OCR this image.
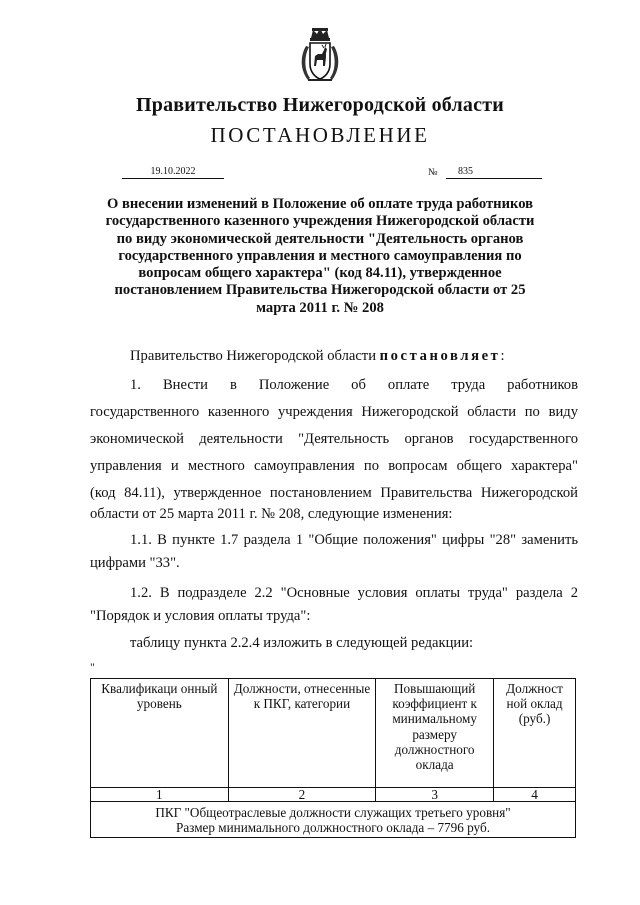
Правительство Нижегородской области
ПОСТАНОВЛЕНИЕ
19.10.2022	№	835
О внесении изменений в Положение об оплате труда работников государственного казенного учреждения Нижегородской области по виду экономической деятельности "Деятельность органов государственного управления и местного самоуправления по вопросам общего характера" (код 84.11), утвержденное постановлением Правительства Нижегородской области от 25 марта 2011 г. № 208
Правительство Нижегородской области постановляет:
1. Внести в Положение об оплате труда работников
государственного казенного учреждения Нижегородской области по виду
экономической деятельности "Деятельность органов государственного
управления и местного самоуправления по вопросам общего характера"
(код 84.11), утвержденное постановлением Правительства Нижегородской
области от 25 марта 2011 г. № 208, следующие изменения:
1.1. В пункте 1.7 раздела 1 "Общие положения" цифры "28" заменить
цифрами "33".
1.2. В подразделе 2.2 "Основные условия оплаты труда" раздела 2
"Порядок и условия оплаты труда":
таблицу пункта 2.2.4 изложить в следующей редакции:
"
Квалификаци онный уровень	Должности, отнесенные к ПКГ, категории	Повышающий коэффициент к минимальному размеру должностного оклада	Должност ной оклад (руб.)
1	2	3	4

ПКГ "Общеотраслевые должности служащих третьего уровня"
Размер минимального должностного оклада – 7796 руб.			
